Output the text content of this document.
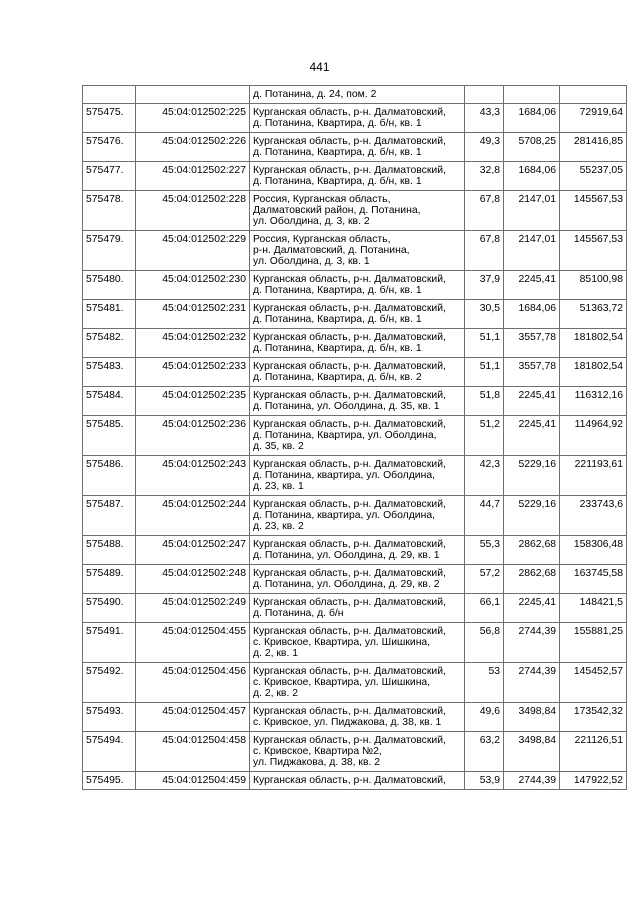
441

		д. Потанина, д. 24, пом. 2			

575475.	45:04:012502:225	Курганская область, р-н. Далматовский,
д. Потанина, Квартира, д. б/н, кв. 1	43,3	1684,06	72919,64
575476.	45:04:012502:226	Курганская область, р-н. Далматовский,
д. Потанина, Квартира, д. б/н, кв. 1	49,3	5708,25	281416,85
575477.	45:04:012502:227	Курганская область, р-н. Далматовский,
д. Потанина, Квартира, д. б/н, кв. 1	32,8	1684,06	55237,05
575478.	45:04:012502:228	Россия, Курганская область,
Далматовский район, д. Потанина,
ул. Оболдина, д. 3, кв. 2	67,8	2147,01	145567,53
575479.	45:04:012502:229	Россия, Курганская область,
р-н. Далматовский, д. Потанина,
ул. Оболдина, д. 3, кв. 1	67,8	2147,01	145567,53
575480.	45:04:012502:230	Курганская область, р-н. Далматовский,
д. Потанина, Квартира, д. б/н, кв. 1	37,9	2245,41	85100,98
575481.	45:04:012502:231	Курганская область, р-н. Далматовский,
д. Потанина, Квартира, д. б/н, кв. 1	30,5	1684,06	51363,72
575482.	45:04:012502:232	Курганская область, р-н. Далматовский,
д. Потанина, Квартира, д. б/н, кв. 1	51,1	3557,78	181802,54
575483.	45:04:012502:233	Курганская область, р-н. Далматовский,
д. Потанина, Квартира, д. б/н, кв. 2	51,1	3557,78	181802,54
575484.	45:04:012502:235	Курганская область, р-н. Далматовский,
д. Потанина, ул. Оболдина, д. 35, кв. 1	51,8	2245,41	116312,16
575485.	45:04:012502:236	Курганская область, р-н. Далматовский,
д. Потанина, Квартира, ул. Оболдина,
д. 35, кв. 2	51,2	2245,41	114964,92
575486.	45:04:012502:243	Курганская область, р-н. Далматовский,
д. Потанина, квартира, ул. Оболдина,
д. 23, кв. 1	42,3	5229,16	221193,61
575487.	45:04:012502:244	Курганская область, р-н. Далматовский,
д. Потанина, квартира, ул. Оболдина,
д. 23, кв. 2	44,7	5229,16	233743,6
575488.	45:04:012502:247	Курганская область, р-н. Далматовский,
д. Потанина, ул. Оболдина, д. 29, кв. 1	55,3	2862,68	158306,48
575489.	45:04:012502:248	Курганская область, р-н. Далматовский,
д. Потанина, ул. Оболдина, д. 29, кв. 2	57,2	2862,68	163745,58
575490.	45:04:012502:249	Курганская область, р-н. Далматовский,
д. Потанина, д. б/н	66,1	2245,41	148421,5
575491.	45:04:012504:455	Курганская область, р-н. Далматовский,
с. Кривское, Квартира, ул. Шишкина,
д. 2, кв. 1	56,8	2744,39	155881,25
575492.	45:04:012504:456	Курганская область, р-н. Далматовский,
с. Кривское, Квартира, ул. Шишкина,
д. 2, кв. 2	53	2744,39	145452,57
575493.	45:04:012504:457	Курганская область, р-н. Далматовский,
с. Кривское, ул. Пиджакова, д. 38, кв. 1	49,6	3498,84	173542,32
575494.	45:04:012504:458	Курганская область, р-н. Далматовский,
с. Кривское, Квартира №2,
ул. Пиджакова, д. 38, кв. 2	63,2	3498,84	221126,51
575495.	45:04:012504:459	Курганская область, р-н. Далматовский,	53,9	2744,39	147922,52
